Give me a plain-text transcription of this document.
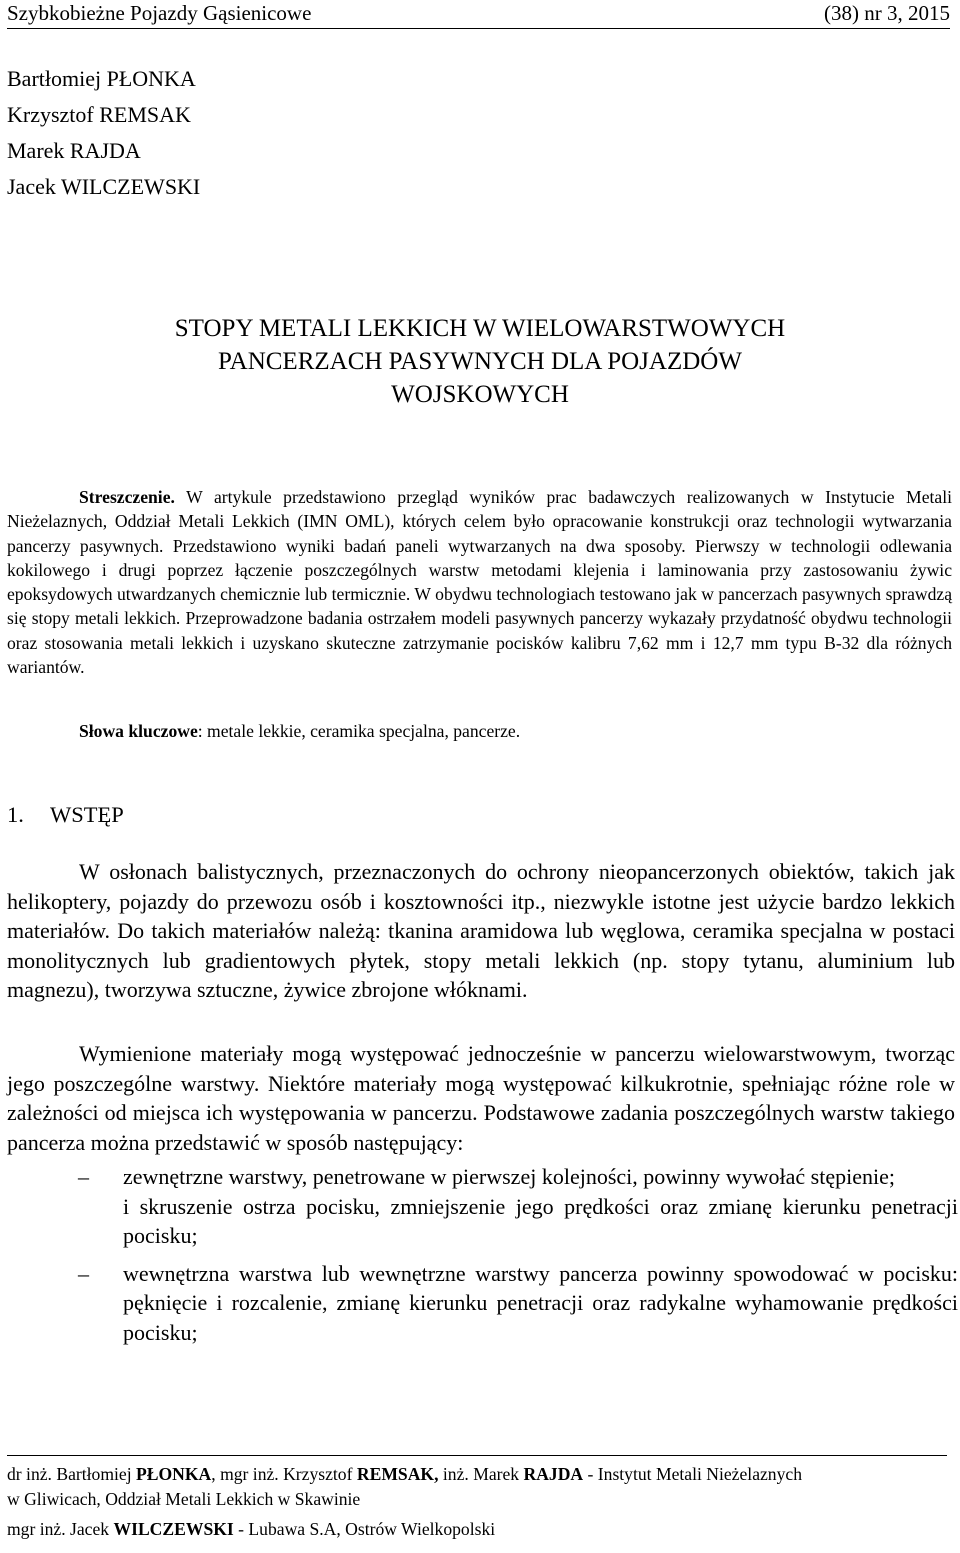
Szybkobieżne Pojazdy Gąsienicowe	(38) nr 3, 2015
Bartłomiej PŁONKA
Krzysztof REMSAK
Marek RAJDA
Jacek WILCZEWSKI
STOPY METALI LEKKICH W WIELOWARSTWOWYCH
PANCERZACH PASYWNYCH DLA POJAZDÓW
WOJSKOWYCH

Streszczenie. W artykule przedstawiono przegląd wyników prac badawczych realizowanych w Instytucie Metali Nieżelaznych, Oddział Metali Lekkich (IMN OML), których celem było opracowanie konstrukcji oraz technologii wytwarzania pancerzy pasywnych. Przedstawiono wyniki badań paneli wytwarzanych na dwa sposoby. Pierwszy w technologii odlewania kokilowego i drugi poprzez łączenie poszczególnych warstw metodami klejenia i laminowania przy zastosowaniu żywic epoksydowych utwardzanych chemicznie lub termicznie. W obydwu technologiach testowano jak w pancerzach pasywnych sprawdzą się stopy metali lekkich. Przeprowadzone badania ostrzałem modeli pasywnych pancerzy wykazały przydatność obydwu technologii oraz stosowania metali lekkich i uzyskano skuteczne zatrzymanie pocisków kalibru 7,62 mm i 12,7 mm typu B-32 dla różnych wariantów.

Słowa kluczowe: metale lekkie, ceramika specjalna, pancerze.
1. WSTĘP

W osłonach balistycznych, przeznaczonych do ochrony nieopancerzonych obiektów, takich jak helikoptery, pojazdy do przewozu osób i kosztowności itp., niezwykle istotne jest użycie bardzo lekkich materiałów. Do takich materiałów należą: tkanina aramidowa lub węglowa, ceramika specjalna w postaci monolitycznych lub gradientowych płytek, stopy metali lekkich (np. stopy tytanu, aluminium lub magnezu), tworzywa sztuczne, żywice zbrojone włóknami.

Wymienione materiały mogą występować jednocześnie w pancerzu wielowarstwowym, tworząc jego poszczególne warstwy. Niektóre materiały mogą występować kilkukrotnie, spełniając różne role w zależności od miejsca ich występowania w pancerzu. Podstawowe zadania poszczególnych warstw takiego pancerza można przedstawić w sposób następujący:

– zewnętrzne warstwy, penetrowane w pierwszej kolejności, powinny wywołać stępienie;
i skruszenie ostrza pocisku, zmniejszenie jego prędkości oraz zmianę kierunku penetracji pocisku;
– wewnętrzna warstwa lub wewnętrzne warstwy pancerza powinny spowodować w pocisku: pęknięcie i rozcalenie, zmianę kierunku penetracji oraz radykalne wyhamowanie prędkości pocisku;

dr inż. Bartłomiej PŁONKA, mgr inż. Krzysztof REMSAK, inż. Marek RAJDA - Instytut Metali Nieżelaznych

w Gliwicach, Oddział Metali Lekkich w Skawinie

mgr inż. Jacek WILCZEWSKI - Lubawa S.A, Ostrów Wielkopolski
